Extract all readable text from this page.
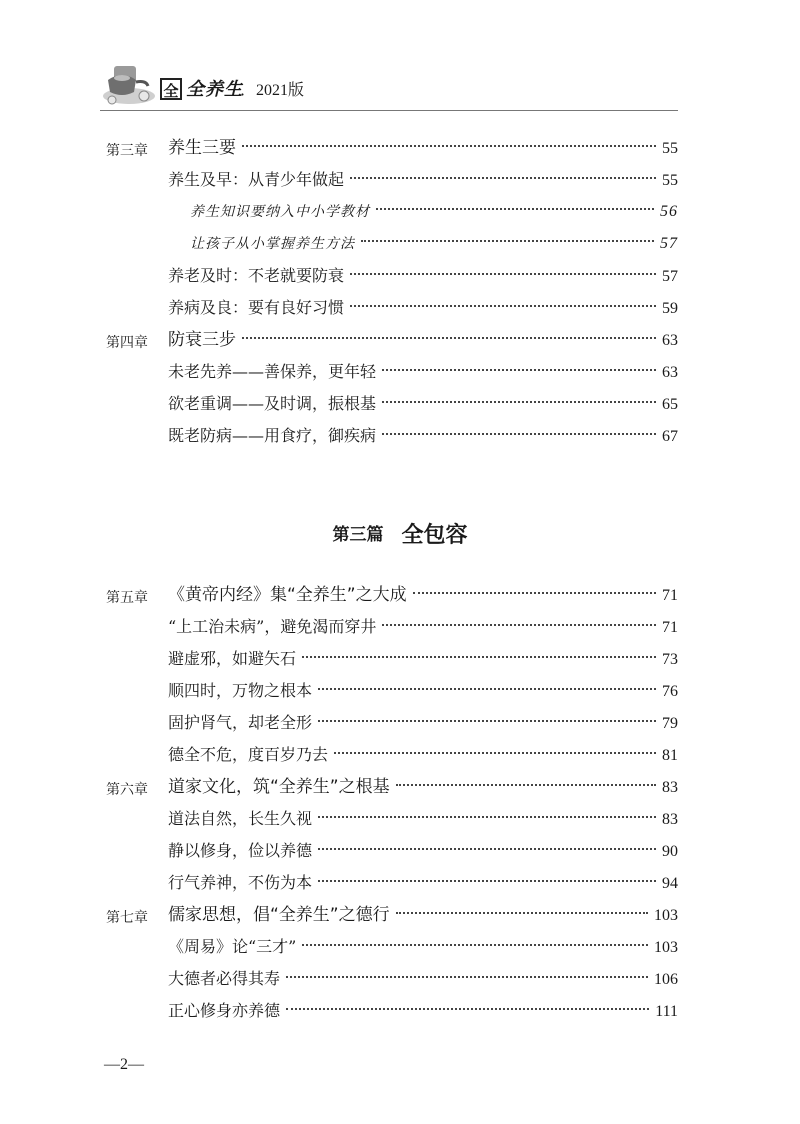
全 全养生
．2021版
第三章 养生三要	55
养生及早：从青少年做起	55
养生知识要纳入中小学教材	56
让孩子从小掌握养生方法	57
养老及时：不老就要防衰	57
养病及良：要有良好习惯	59
第四章 防衰三步	63
未老先养——善保养，更年轻	63
欲老重调——及时调，振根基	65
既老防病——用食疗，御疾病	67
第三篇 全包容
第五章 《黄帝内经》集“全养生”之大成	71
“上工治未病”，避免渴而穿井	71
避虚邪，如避矢石	73
顺四时，万物之根本	76
固护肾气，却老全形	79
德全不危，度百岁乃去	81
第六章 道家文化，筑“全养生”之根基	83
道法自然，长生久视	83
静以修身，俭以养德	90
行气养神，不伤为本	94
第七章 儒家思想，倡“全养生”之德行	103
《周易》论“三才”	103
大德者必得其寿	106
正心修身亦养德	111
—2—
